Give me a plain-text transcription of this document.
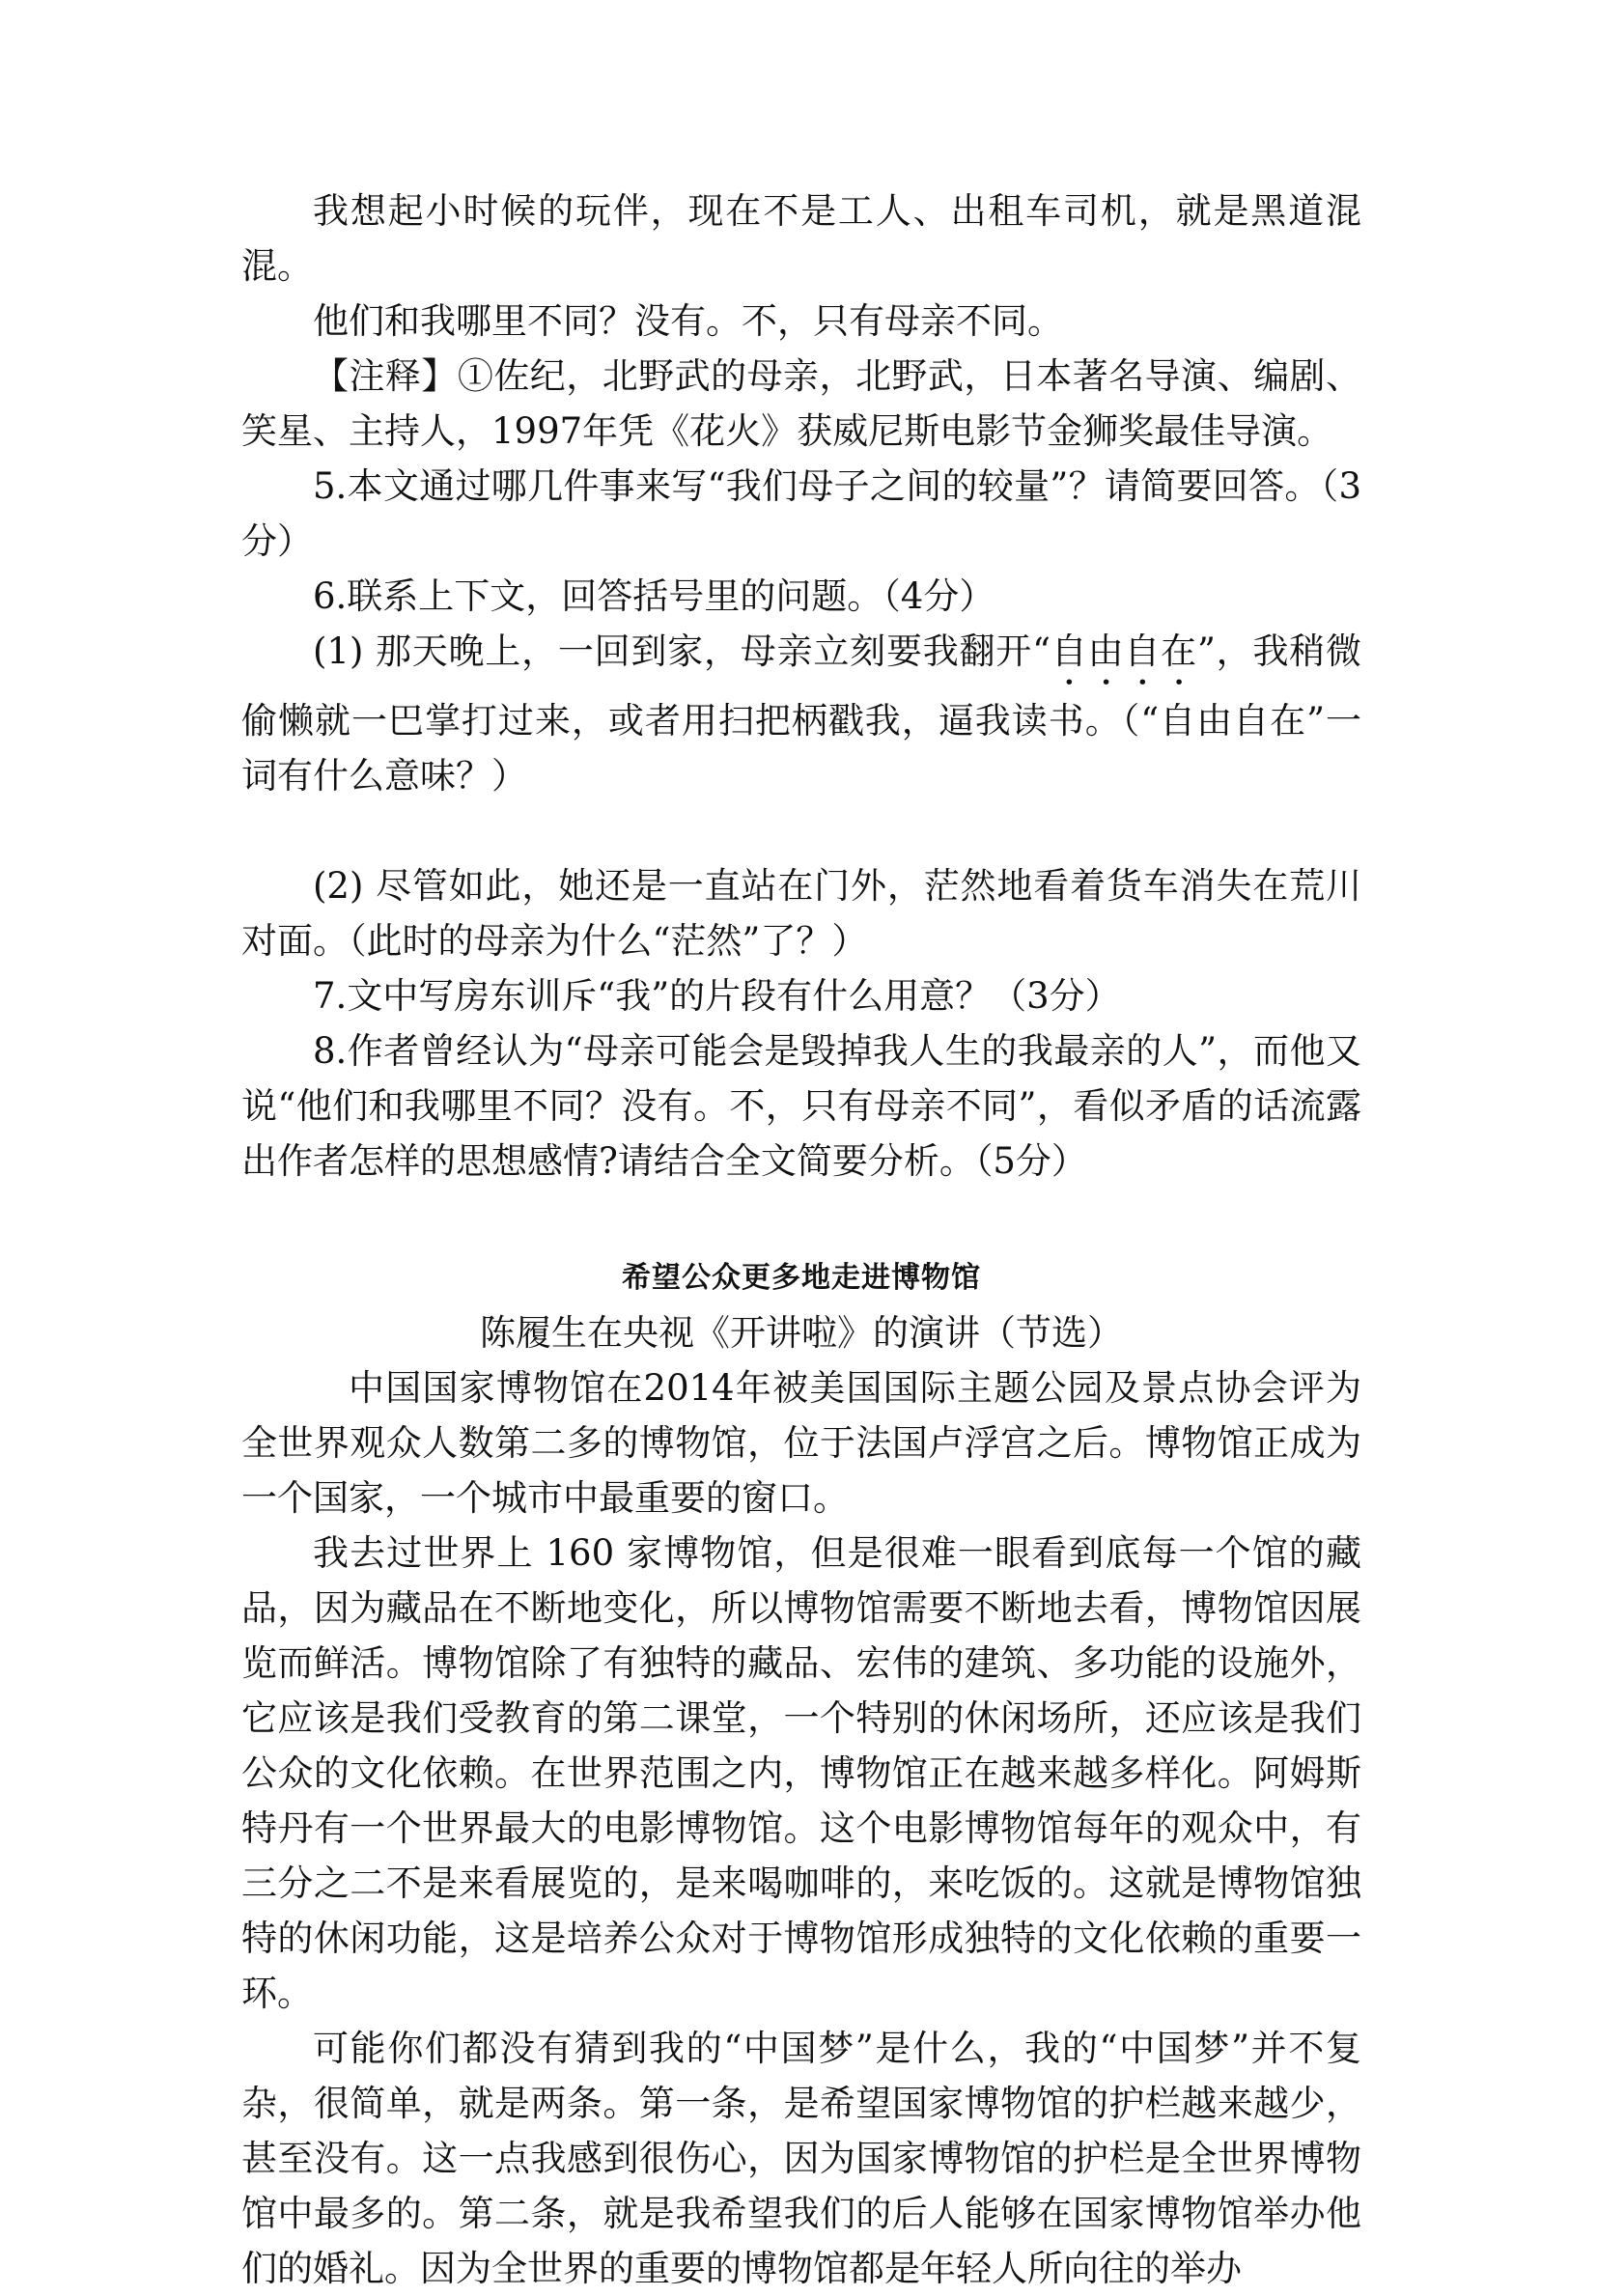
我想起小时候的玩伴，现在不是工人、出租车司机，就是黑道混混。

他们和我哪里不同？没有。不，只有母亲不同。

【注释】①佐纪，北野武的母亲，北野武，日本著名导演、编剧、笑星、主持人，1997年凭《花火》获威尼斯电影节金狮奖最佳导演。

5.本文通过哪几件事来写“我们母子之间的较量”？请简要回答。（3分）

6.联系上下文，回答括号里的问题。（4分）

(1) 那天晚上，一回到家，母亲立刻要我翻开“自由自在”，我稍微偷懒就一巴掌打过来，或者用扫把柄戳我，逼我读书。（“自由自在”一词有什么意味？）

(2) 尽管如此，她还是一直站在门外，茫然地看着货车消失在荒川对面。（此时的母亲为什么“茫然”了？）

7.文中写房东训斥“我”的片段有什么用意？（3分）

8.作者曾经认为“母亲可能会是毁掉我人生的我最亲的人”，而他又说“他们和我哪里不同？没有。不，只有母亲不同”，看似矛盾的话流露出作者怎样的思想感情?请结合全文简要分析。（5分）

希望公众更多地走进博物馆

陈履生在央视《开讲啦》的演讲（节选）

中国国家博物馆在2014年被美国国际主题公园及景点协会评为全世界观众人数第二多的博物馆，位于法国卢浮宫之后。博物馆正成为一个国家，一个城市中最重要的窗口。

我去过世界上 160 家博物馆，但是很难一眼看到底每一个馆的藏品，因为藏品在不断地变化，所以博物馆需要不断地去看，博物馆因展览而鲜活。博物馆除了有独特的藏品、宏伟的建筑、多功能的设施外，它应该是我们受教育的第二课堂，一个特别的休闲场所，还应该是我们公众的文化依赖。在世界范围之内，博物馆正在越来越多样化。阿姆斯特丹有一个世界最大的电影博物馆。这个电影博物馆每年的观众中，有三分之二不是来看展览的，是来喝咖啡的，来吃饭的。这就是博物馆独特的休闲功能，这是培养公众对于博物馆形成独特的文化依赖的重要一环。

可能你们都没有猜到我的“中国梦”是什么，我的“中国梦”并不复杂，很简单，就是两条。第一条，是希望国家博物馆的护栏越来越少，甚至没有。这一点我感到很伤心，因为国家博物馆的护栏是全世界博物馆中最多的。第二条，就是我希望我们的后人能够在国家博物馆举办他们的婚礼。因为全世界的重要的博物馆都是年轻人所向往的举办
